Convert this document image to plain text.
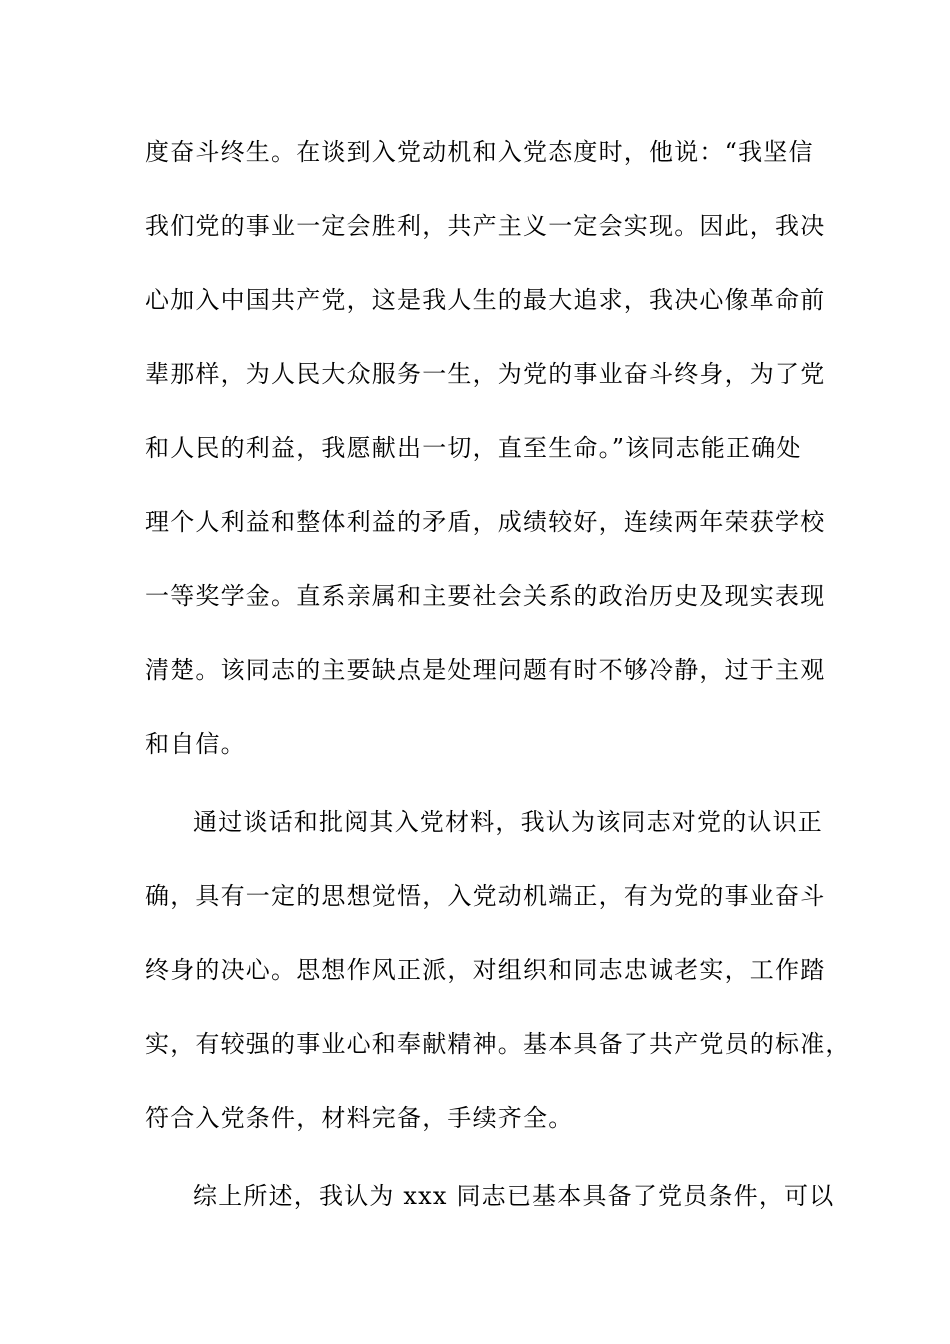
度奋斗终生。在谈到入党动机和入党态度时，他说：“我坚信
我们党的事业一定会胜利，共产主义一定会实现。因此，我决
心加入中国共产党，这是我人生的最大追求，我决心像革命前
辈那样，为人民大众服务一生，为党的事业奋斗终身，为了党
和人民的利益，我愿献出一切，直至生命。”该同志能正确处
理个人利益和整体利益的矛盾，成绩较好，连续两年荣获学校
一等奖学金。直系亲属和主要社会关系的政治历史及现实表现
清楚。该同志的主要缺点是处理问题有时不够冷静，过于主观
和自信。
通过谈话和批阅其入党材料，我认为该同志对党的认识正
确，具有一定的思想觉悟，入党动机端正，有为党的事业奋斗
终身的决心。思想作风正派，对组织和同志忠诚老实，工作踏
实，有较强的事业心和奉献精神。基本具备了共产党员的标准，
符合入党条件，材料完备，手续齐全。
综上所述，我认为 xxx 同志已基本具备了党员条件，可以
